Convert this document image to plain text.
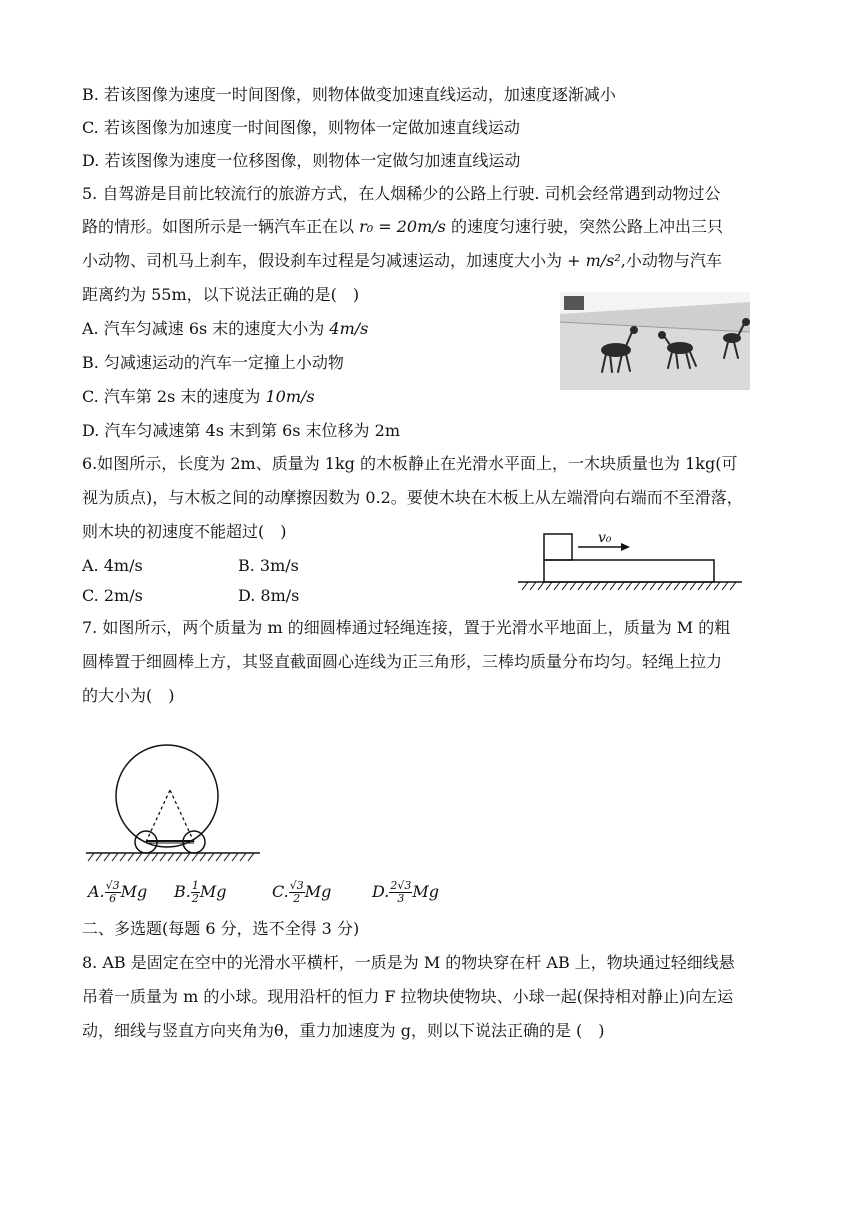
B. 若该图像为速度一时间图像，则物体做变加速直线运动，加速度逐渐减小
C. 若该图像为加速度一时间图像，则物体一定做加速直线运动
D. 若该图像为速度一位移图像，则物体一定做匀加速直线运动
5. 自驾游是目前比较流行的旅游方式，在人烟稀少的公路上行驶. 司机会经常遇到动物过公
路的情形。如图所示是一辆汽车正在以 r₀ = 20m/s 的速度匀速行驶，突然公路上冲出三只
小动物、司机马上刹车，假设刹车过程是匀减速运动，加速度大小为 + m/s²,小动物与汽车
距离约为 55m，以下说法正确的是(　)
A. 汽车匀减速 6s 末的速度大小为 4m/s
B. 匀减速运动的汽车一定撞上小动物
C. 汽车第 2s 末的速度为 10m/s
D. 汽车匀减速第 4s 末到第 6s 末位移为 2m
6.如图所示，长度为 2m、质量为 1kg 的木板静止在光滑水平面上，一木块质量也为 1kg(可
视为质点)，与木板之间的动摩擦因数为 0.2。要使木块在木板上从左端滑向右端而不至滑落，
则木块的初速度不能超过(　)
A. 4m/s	B. 3m/s
C. 2m/s	D. 8m/s
v₀
7. 如图所示，两个质量为 m 的细圆棒通过轻绳连接，置于光滑水平地面上，质量为 M 的粗
圆棒置于细圆棒上方，其竖直截面圆心连线为正三角形，三棒均质量分布均匀。轻绳上拉力
的大小为(　)
A. $\frac{√3}{6}$ Mg B. $\frac{1}{2}$ Mg	C. $\frac{√3}{2}$ Mg	D. $\frac{2√3}{3}$ Mg
二、多选题(每题 6 分，选不全得 3 分)
8. AB 是固定在空中的光滑水平横杆，一质是为 M 的物块穿在杆 AB 上，物块通过轻细线悬
吊着一质量为 m 的小球。现用沿杆的恒力 F 拉物块使物块、小球一起(保持相对静止)向左运
动，细线与竖直方向夹角为θ，重力加速度为 g，则以下说法正确的是 (　)
